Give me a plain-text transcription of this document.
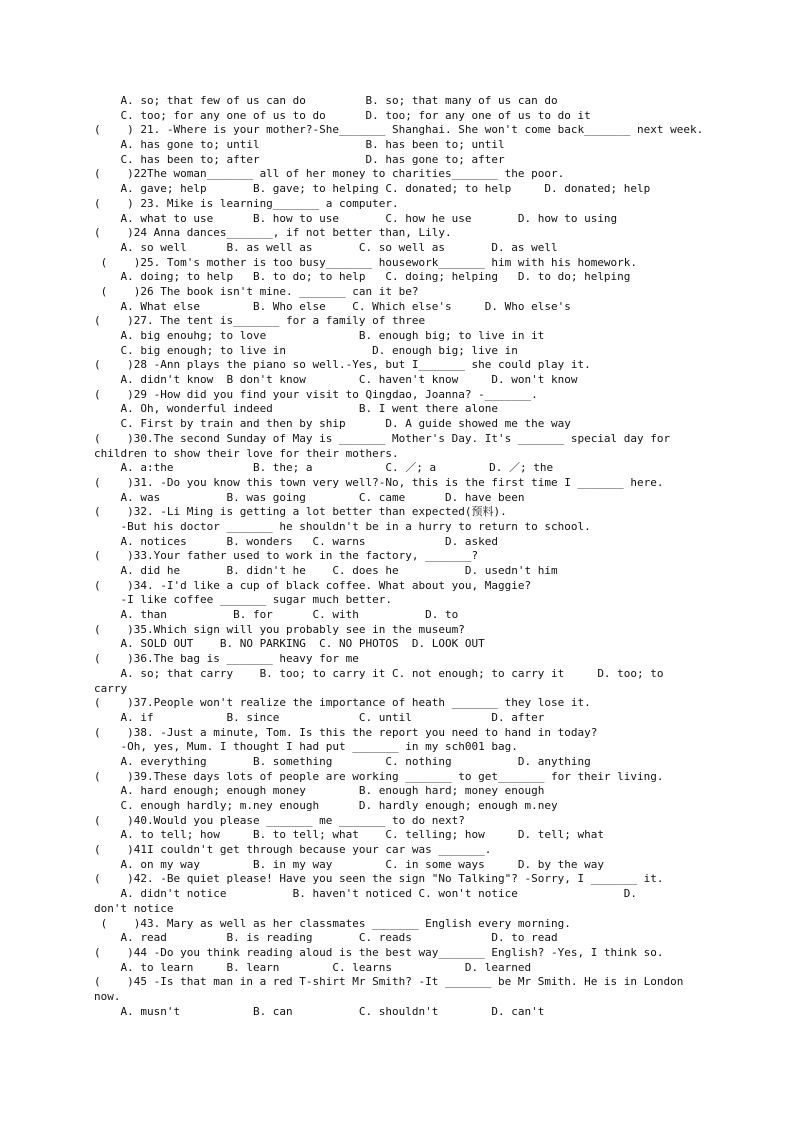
A. so; that few of us can do         B. so; that many of us can do
C. too; for any one of us to do      D. too; for any one of us to do it
(    ) 21. -Where is your mother?-She_______ Shanghai. She won't come back_______ next week.
A. has gone to; until                B. has been to; until
C. has been to; after                D. has gone to; after
(    )22The woman_______ all of her money to charities_______ the poor.
A. gave; help       B. gave; to helping C. donated; to help     D. donated; help
(    ) 23. Mike is learning_______ a computer.
A. what to use      B. how to use       C. how he use       D. how to using
(    )24 Anna dances_______, if not better than, Lily.
A. so well      B. as well as       C. so well as       D. as well
(    )25. Tom's mother is too busy_______ housework_______ him with his homework.
A. doing; to help   B. to do; to help   C. doing; helping   D. to do; helping
(    )26 The book isn't mine. _______ can it be?
A. What else        B. Who else    C. Which else's     D. Who else's
(    )27. The tent is_______ for a family of three
A. big enouhg; to love              B. enough big; to live in it
C. big enough; to live in             D. enough big; live in
(    )28 -Ann plays the piano so well.-Yes, but I_______ she could play it.
A. didn't know  B don't know        C. haven't know     D. won't know
(    )29 -How did you find your visit to Qingdao, Joanna? -_______.
A. Oh, wonderful indeed             B. I went there alone
C. First by train and then by ship      D. A guide showed me the way
(    )30.The second Sunday of May is _______ Mother's Day. It's _______ special day for
children to show their love for their mothers.
A. a:the            B. the; a           C. ／; a        D. ／; the
(    )31. -Do you know this town very well?-No, this is the first time I _______ here.
A. was          B. was going        C. came      D. have been
(    )32. -Li Ming is getting a lot better than expected(预料).
-But his doctor _______ he shouldn't be in a hurry to return to school.
A. notices      B. wonders   C. warns            D. asked
(    )33.Your father used to work in the factory, _______?
A. did he       B. didn't he    C. does he          D. usedn't him
(    )34. -I'd like a cup of black coffee. What about you, Maggie?
-I like coffee _______ sugar much better.
A. than          B. for      C. with          D. to
(    )35.Which sign will you probably see in the museum?
A. SOLD OUT    B. NO PARKING  C. NO PHOTOS  D. LOOK OUT
(    )36.The bag is _______ heavy for me
A. so; that carry    B. too; to carry it C. not enough; to carry it     D. too; to
carry
(    )37.People won't realize the importance of heath _______ they lose it.
A. if           B. since            C. until            D. after
(    )38. -Just a minute, Tom. Is this the report you need to hand in today?
-Oh, yes, Mum. I thought I had put _______ in my sch001 bag.
A. everything       B. something        C. nothing          D. anything
(    )39.These days lots of people are working _______ to get_______ for their living.
A. hard enough; enough money        B. enough hard; money enough
C. enough hardly; m.ney enough      D. hardly enough; enough m.ney
(    )40.Would you please _______ me _______ to do next?
A. to tell; how     B. to tell; what    C. telling; how     D. tell; what
(    )41I couldn't get through because your car was _______.
A. on my way        B. in my way        C. in some ways     D. by the way
(    )42. -Be quiet please! Have you seen the sign "No Talking"? -Sorry, I _______ it.
A. didn't notice          B. haven't noticed C. won't notice                D.
don't notice
(    )43. Mary as well as her classmates _______ English every morning.
A. read         B. is reading       C. reads            D. to read
(    )44 -Do you think reading aloud is the best way_______ English? -Yes, I think so.
A. to learn     B. learn        C. learns           D. learned
(    )45 -Is that man in a red T-shirt Mr Smith? -It _______ be Mr Smith. He is in London
now.
A. musn't           B. can          C. shouldn't        D. can't
